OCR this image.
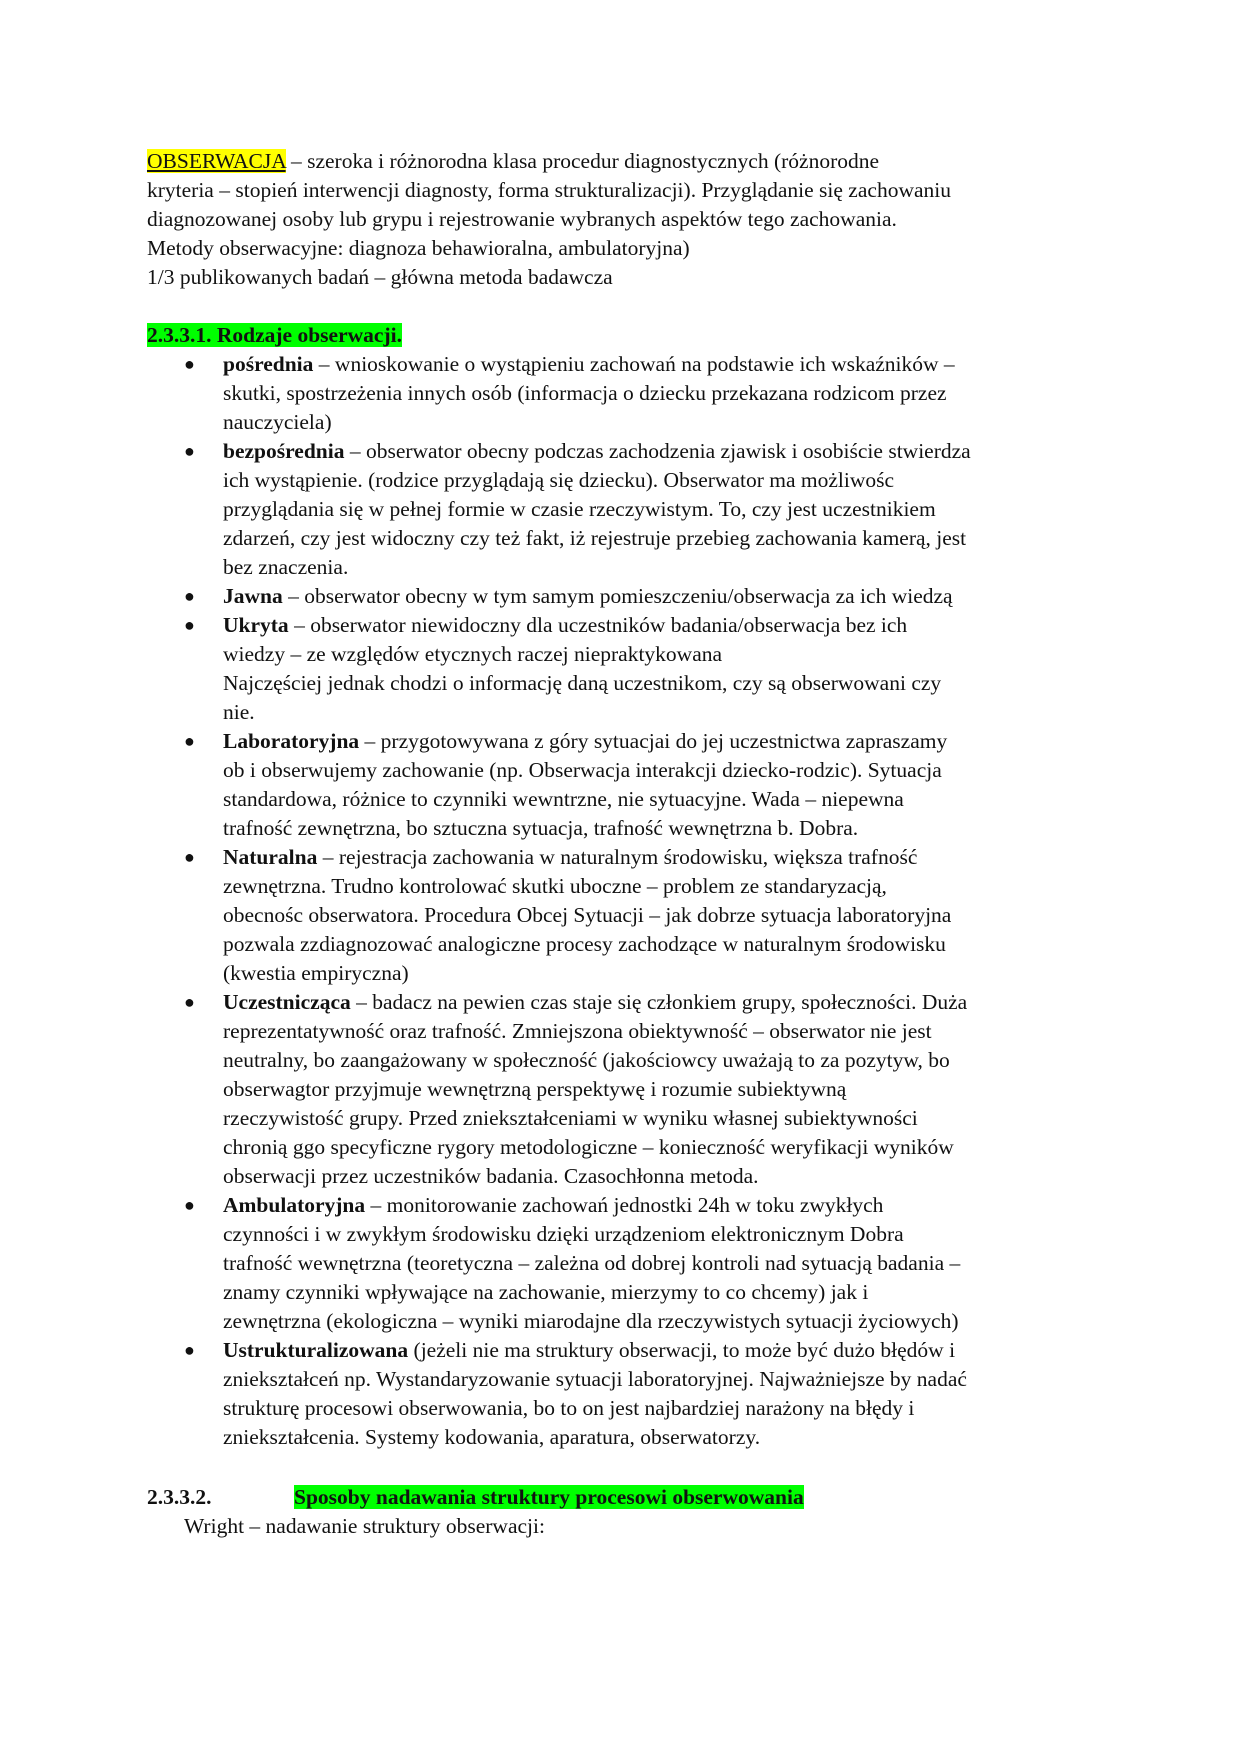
OBSERWACJA – szeroka i różnorodna klasa procedur diagnostycznych (różnorodne
kryteria – stopień interwencji diagnosty, forma strukturalizacji). Przyglądanie się zachowaniu
diagnozowanej osoby lub grypu i rejestrowanie wybranych aspektów tego zachowania.
Metody obserwacyjne: diagnoza behawioralna, ambulatoryjna)
1/3 publikowanych badań – główna metoda badawcza
2.3.3.1. Rodzaje obserwacji.
● pośrednia – wnioskowanie o wystąpieniu zachowań na podstawie ich wskaźników –
skutki, spostrzeżenia innych osób (informacja o dziecku przekazana rodzicom przez
nauczyciela)
● bezpośrednia – obserwator obecny podczas zachodzenia zjawisk i osobiście stwierdza
ich wystąpienie. (rodzice przyglądają się dziecku). Obserwator ma możliwośc
przyglądania się w pełnej formie w czasie rzeczywistym. To, czy jest uczestnikiem
zdarzeń, czy jest widoczny czy też fakt, iż rejestruje przebieg zachowania kamerą, jest
bez znaczenia.
● Jawna – obserwator obecny w tym samym pomieszczeniu/obserwacja za ich wiedzą
● Ukryta – obserwator niewidoczny dla uczestników badania/obserwacja bez ich
wiedzy – ze względów etycznych raczej niepraktykowana
Najczęściej jednak chodzi o informację daną uczestnikom, czy są obserwowani czy
nie.
● Laboratoryjna – przygotowywana z góry sytuacjai do jej uczestnictwa zapraszamy
ob i obserwujemy zachowanie (np. Obserwacja interakcji dziecko-rodzic). Sytuacja
standardowa, różnice to czynniki wewntrzne, nie sytuacyjne. Wada – niepewna
trafność zewnętrzna, bo sztuczna sytuacja, trafność wewnętrzna b. Dobra.
● Naturalna – rejestracja zachowania w naturalnym środowisku, większa trafność
zewnętrzna. Trudno kontrolować skutki uboczne – problem ze standaryzacją,
obecnośc obserwatora. Procedura Obcej Sytuacji – jak dobrze sytuacja laboratoryjna
pozwala zzdiagnozować analogiczne procesy zachodzące w naturalnym środowisku
(kwestia empiryczna)
● Uczestnicząca – badacz na pewien czas staje się członkiem grupy, społeczności. Duża
reprezentatywność oraz trafność. Zmniejszona obiektywność – obserwator nie jest
neutralny, bo zaangażowany w społeczność (jakościowcy uważają to za pozytyw, bo
obserwagtor przyjmuje wewnętrzną perspektywę i rozumie subiektywną
rzeczywistość grupy. Przed zniekształceniami w wyniku własnej subiektywności
chronią ggo specyficzne rygory metodologiczne – konieczność weryfikacji wyników
obserwacji przez uczestników badania. Czasochłonna metoda.
● Ambulatoryjna – monitorowanie zachowań jednostki 24h w toku zwykłych
czynności i w zwykłym środowisku dzięki urządzeniom elektronicznym Dobra
trafność wewnętrzna (teoretyczna – zależna od dobrej kontroli nad sytuacją badania –
znamy czynniki wpływające na zachowanie, mierzymy to co chcemy) jak i
zewnętrzna (ekologiczna – wyniki miarodajne dla rzeczywistych sytuacji życiowych)
● Ustrukturalizowana (jeżeli nie ma struktury obserwacji, to może być dużo błędów i
zniekształceń np. Wystandaryzowanie sytuacji laboratoryjnej. Najważniejsze by nadać
strukturę procesowi obserwowania, bo to on jest najbardziej narażony na błędy i
zniekształcenia. Systemy kodowania, aparatura, obserwatorzy.
2.3.3.2.	Sposoby nadawania struktury procesowi obserwowania
Wright – nadawanie struktury obserwacji:
